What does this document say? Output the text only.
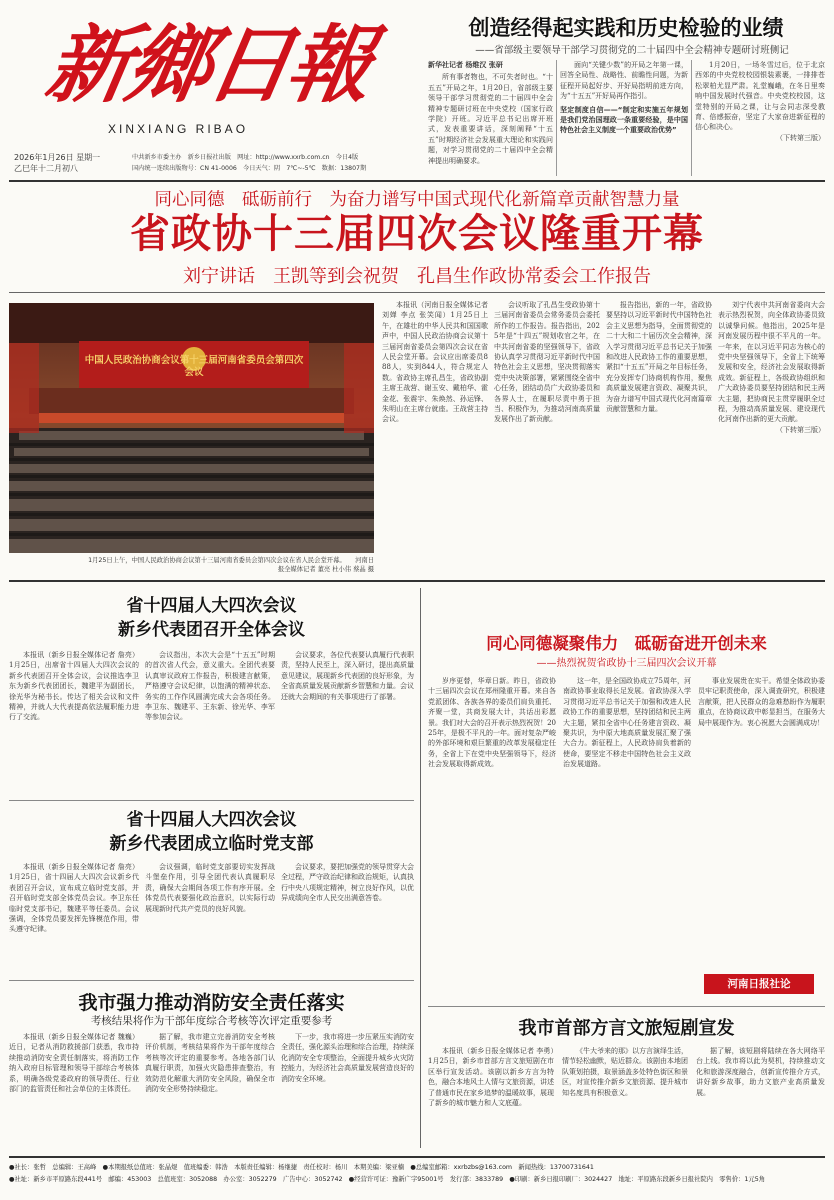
新鄉日報
XINXIANG RIBAO
2026年1月26日 星期一
乙巳年十二月初八
中共新乡市委主办　新乡日报社出版　网址：http://www.xxrb.com.cn　今日4版
国内统一连续出版物号：CN 41-0006　今日天气：阴　7℃~-5℃　数据：13807期
创造经得起实践和历史检验的业绩
——省部级主要领导干部学习贯彻党的二十届四中全会精神专题研讨班侧记

新华社记者 杨维汉 张研

所有事者物也，不可失者时也。“十五五”开局之年，1月20日，省部级主要领导干部学习贯彻党的二十届四中全会精神专题研讨班在中央党校（国家行政学院）开班。习近平总书记出席开班式，发表重要讲话，深刻阐释“十五五”时期经济社会发展重大理论和实践问题，对学习贯彻党的二十届四中全会精神提出明确要求。

面向“关键少数”的开局之年第一课，回答全局性、战略性、前瞻性问题，为新征程开局起好步、开好局指明前进方向，为“十五五”开好局再作指引。

坚定制度自信——“制定和实施五年规划是我们党治国理政一条重要经验，是中国特色社会主义制度一个重要政治优势”

1月20日，一场冬雪过后，位于北京西郊的中央党校校园银装素裹，一排排苍松翠柏尤显严肃。礼堂巍峨，在冬日里奏响中国发展时代强音。中央党校校园，这堂特别的开局之课，让与会同志深受教育、倍感振奋，坚定了大家奋进新征程的信心和决心。

（下转第三版）
同心同德　砥砺前行　为奋力谱写中国式现代化新篇章贡献智慧力量
省政协十三届四次会议隆重开幕
刘宁讲话　王凯等到会祝贺　孔昌生作政协常委会工作报告
中国人民政治协商会议第十三届河南省委员会第四次会议
1月25日上午，中国人民政治协商会议第十三届河南省委员会第四次会议在省人民会堂开幕。　　河南日报全媒体记者 董亮 杜小伟 蔡晶 摄

本报讯（河南日报全媒体记者 刘婵 李点 张笑闻）1月25日上午，在雄壮的中华人民共和国国歌声中，中国人民政治协商会议第十三届河南省委员会第四次会议在省人民会堂开幕。会议应出席委员888人，实到844人，符合规定人数。省政协主席孔昌生，省政协副主席王战营、谢玉安、戴柏华、霍金花、张震宇、朱焕然、孙运锋、朱明山在主席台就座。王战营主持会议。

会议听取了孔昌生受政协第十三届河南省委员会常务委员会委托所作的工作报告。报告指出，2025年是“十四五”规划收官之年，在中共河南省委的坚强领导下，省政协认真学习贯彻习近平新时代中国特色社会主义思想，坚决贯彻落实党中央决策部署，紧紧围绕全省中心任务，团结动员广大政协委员和各界人士，在履职尽责中勇于担当、积极作为，为推动河南高质量发展作出了新贡献。

报告指出，新的一年，省政协要坚持以习近平新时代中国特色社会主义思想为指导，全面贯彻党的二十大和二十届历次全会精神，深入学习贯彻习近平总书记关于加强和改进人民政协工作的重要思想，紧扣“十五五”开局之年目标任务，充分发挥专门协商机构作用，聚焦高质量发展建言资政、凝聚共识，为奋力谱写中国式现代化河南篇章贡献智慧和力量。

刘宁代表中共河南省委向大会表示热烈祝贺，向全体政协委员致以诚挚问候。他指出，2025年是河南发展历程中很不平凡的一年。一年来，在以习近平同志为核心的党中央坚强领导下，全省上下统筹发展和安全，经济社会发展取得新成效。新征程上，各级政协组织和广大政协委员要坚持团结和民主两大主题，把协商民主贯穿履职全过程，为推动高质量发展、建设现代化河南作出新的更大贡献。

（下转第三版）
省十四届人大四次会议
新乡代表团召开全体会议

本报讯（新乡日报全媒体记者 詹亮）1月25日，出席省十四届人大四次会议的新乡代表团召开全体会议，会议推选李卫东为新乡代表团团长，魏建平为副团长，徐光华为秘书长。传达了相关会议和文件精神，并就人大代表提高依法履职能力进行了交流。

会议指出，本次大会是“十五五”时期的首次省人代会，意义重大。全团代表要认真审议政府工作报告，积极建言献策，严格遵守会议纪律，以饱满的精神状态、务实的工作作风圆满完成大会各项任务。李卫东、魏建平、王东新、徐光华、李军等参加会议。

会议要求，各位代表要认真履行代表职责，坚持人民至上，深入研讨，提出高质量意见建议，展现新乡代表团的良好形象，为全省高质量发展贡献新乡智慧和力量。会议还就大会期间的有关事项进行了部署。

省十四届人大四次会议
新乡代表团成立临时党支部

本报讯（新乡日报全媒体记者 詹亮）1月25日，省十四届人大四次会议新乡代表团召开会议，宣布成立临时党支部，并召开临时党支部全体党员会议。李卫东任临时党支部书记，魏建平等任委员。会议强调，全体党员要发挥先锋模范作用，带头遵守纪律。

会议强调，临时党支部要切实发挥战斗堡垒作用，引导全团代表认真履职尽责，确保大会期间各项工作有序开展。全体党员代表要强化政治意识，以实际行动展现新时代共产党员的良好风貌。

会议要求，要把加强党的领导贯穿大会全过程，严守政治纪律和政治规矩，认真执行中央八项规定精神，树立良好作风，以优异成绩向全市人民交出满意答卷。

我市强力推动消防安全责任落实
考核结果将作为干部年度综合考核等次评定重要参考

本报讯（新乡日报全媒体记者 魏巍）近日，记者从消防救援部门获悉，我市持续推动消防安全责任制落实，将消防工作纳入政府目标管理和领导干部综合考核体系，明确各级党委政府的领导责任、行业部门的监管责任和社会单位的主体责任。

据了解，我市建立完善消防安全考核评价机制，考核结果将作为干部年度综合考核等次评定的重要参考。各地各部门认真履行职责，加强火灾隐患排查整治，有效防范化解重大消防安全风险，确保全市消防安全形势持续稳定。

下一步，我市将进一步压紧压实消防安全责任，强化源头治理和综合治理，持续深化消防安全专项整治，全面提升城乡火灾防控能力，为经济社会高质量发展营造良好的消防安全环境。

同心同德凝聚伟力　砥砺奋进开创未来
——热烈祝贺省政协十三届四次会议开幕

岁序更替，华章日新。昨日，省政协十三届四次会议在郑州隆重开幕。来自各党派团体、各族各界的委员们肩负重托、齐聚一堂，共商发展大计，共话出彩愿景。我们对大会的召开表示热烈祝贺！2025年，是极不平凡的一年。面对复杂严峻的外部环境和艰巨繁重的改革发展稳定任务，全省上下在党中央坚强领导下，经济社会发展取得新成效。

这一年，是全国政协成立75周年，河南政协事业取得长足发展。省政协深入学习贯彻习近平总书记关于加强和改进人民政协工作的重要思想，坚持团结和民主两大主题，紧扣全省中心任务建言资政、凝聚共识，为中原大地高质量发展汇聚了强大合力。新征程上，人民政协肩负着新的使命，要坚定不移走中国特色社会主义政治发展道路。

事业发展贵在实干。希望全体政协委员牢记职责使命，深入调查研究，积极建言献策，把人民群众的急难愁盼作为履职重点，在协商议政中彰显担当，在服务大局中展现作为。衷心祝愿大会圆满成功！

河南日报社论
我市首部方言文旅短剧宣发

本报讯（新乡日报全媒体记者 李勇）1月25日，新乡市首部方言文旅短剧在市区举行宣发活动。该剧以新乡方言为特色，融合本地风土人情与文旅资源，讲述了普通市民在家乡追梦的温暖故事，展现了新乡的城市魅力和人文底蕴。

《牛大爷来的那》以方言演绎生活，情节轻松幽默，贴近群众。该剧由本地团队策划拍摄，取景涵盖多处特色街区和景区，对宣传推介新乡文旅资源、提升城市知名度具有积极意义。

据了解，该短剧将陆续在各大网络平台上线。我市将以此为契机，持续推动文化和旅游深度融合，创新宣传推介方式，讲好新乡故事，助力文旅产业高质量发展。

●社长：张哲　总编辑：王高峰　●本期报纸总值班：张晶煜　值班编委：韩浩　本版责任编辑：杨继捷　责任校对：杨川　本期美编：梁亚楠　●总编室邮箱：xxrbzbs@163.com　新闻热线：13700731641
●社址：新乡市平原路东段441号　邮编：453003　总值班室：3052088　办公室：3052279　广告中心：3052742　●经营许可证：豫新广字95001号　发行部：3833789　●印刷：新乡日报印刷厂：3024427　地址：平原路东段新乡日报社院内　零售价：1元5角
